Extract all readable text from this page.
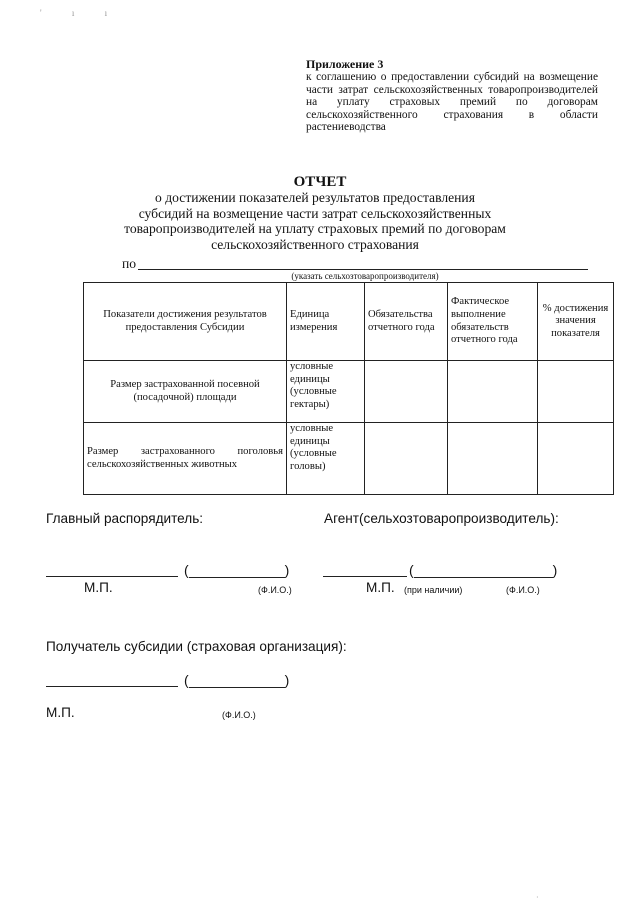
' ı ı
Приложение 3
к соглашению о предоставлении субсидий на возмещение части затрат сельскохозяйственных товаропроизводителей на уплату страховых премий по договорам сельскохозяйственного страхования в области растениеводства
ОТЧЕТ
о достижении показателей результатов предоставления
субсидий на возмещение части затрат сельскохозяйственных
товаропроизводителей на уплату страховых премий по договорам
сельскохозяйственного страхования
по
(указать сельхозтоваропроизводителя)
Показатели достижения результатов предоставления Субсидии	Единица измерения	Обязательства отчетного года	Фактическое выполнение обязательств отчетного года	% достижения значения показателя
Размер застрахованной посевной (посадочной) площади	условные единицы (условные гектары)			
Размер застрахованного поголовья сельскохозяйственных животных	условные единицы (условные головы)			
Главный распорядитель:	Агент(сельхозтоваропроизводитель):
(	)	(	)
М.П.	(Ф.И.О.)	М.П. (при наличии)	(Ф.И.О.)
Получатель субсидии (страховая организация):
(	)
М.П.	(Ф.И.О.)
·
